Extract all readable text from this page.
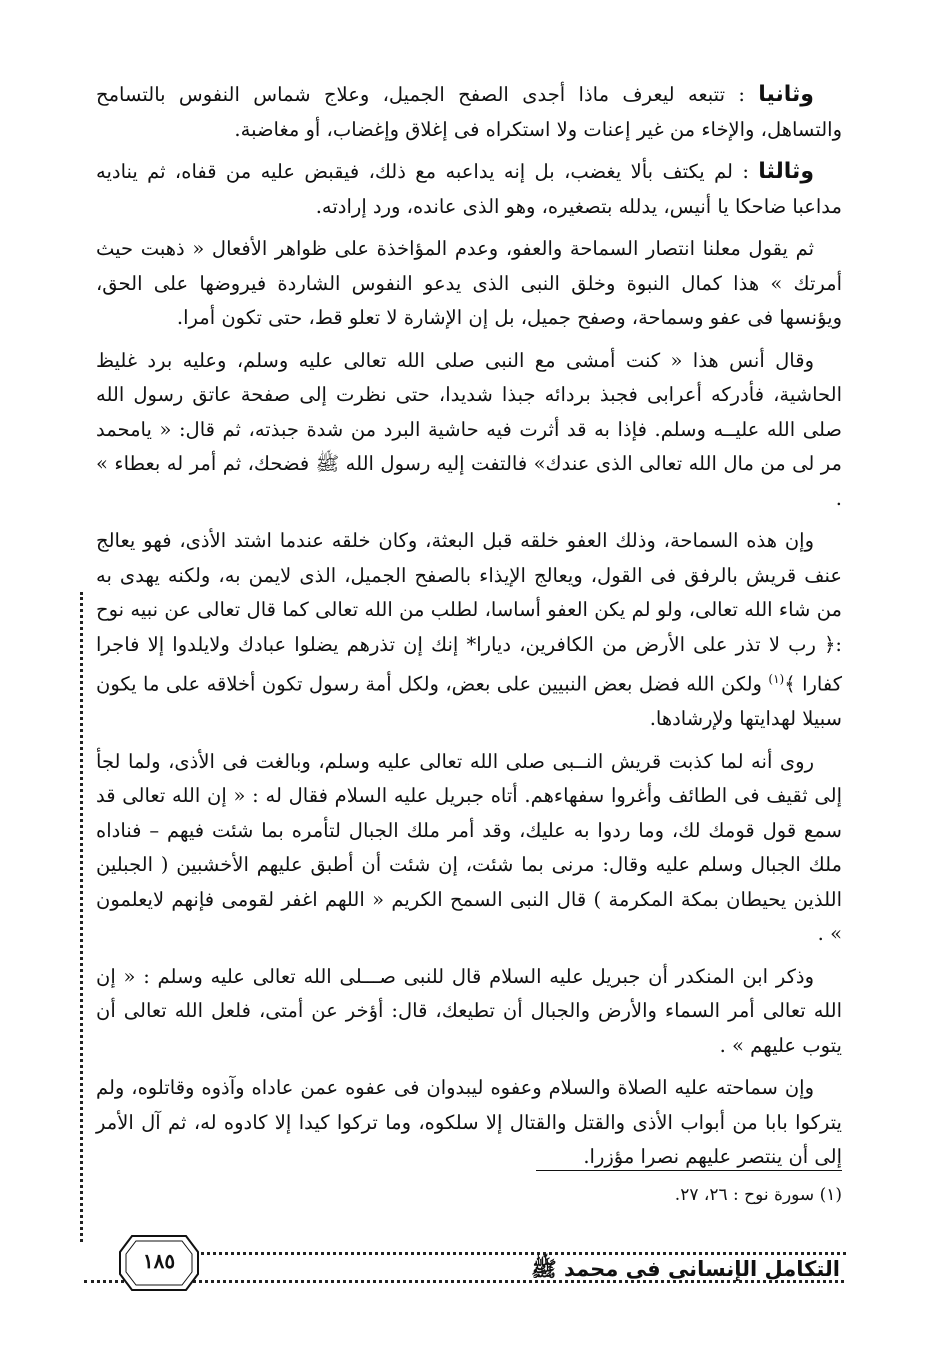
وثانيا : تتبعه ليعرف ماذا أجدى الصفح الجميل، وعلاج شماس النفوس بالتسامح والتساهل، والإخاء من غير إعنات ولا استكراه فى إغلاق وإغضاب، أو مغاضبة.

وثالثا : لم يكتف بألا يغضب، بل إنه يداعبه مع ذلك، فيقبض عليه من قفاه، ثم يناديه مداعبا ضاحكا يا أنيس، يدلله بتصغيره، وهو الذى عانده، ورد إرادته.

ثم يقول معلنا انتصار السماحة والعفو، وعدم المؤاخذة على ظواهر الأفعال « ذهبت حيث أمرتك » هذا كمال النبوة وخلق النبى الذى يدعو النفوس الشاردة فيروضها على الحق، ويؤنسها فى عفو وسماحة، وصفح جميل، بل إن الإشارة لا تعلو قط، حتى تكون أمرا.

وقال أنس هذا « كنت أمشى مع النبى صلى الله تعالى عليه وسلم، وعليه برد غليظ الحاشية، فأدركه أعرابى فجبذ بردائه جبذا شديدا، حتى نظرت إلى صفحة عاتق رسول الله صلى الله عليــه وسلم. فإذا به قد أثرت فيه حاشية البرد من شدة جبذته، ثم قال: « يامحمد مر لى من مال الله تعالى الذى عندك» فالتفت إليه رسول الله ﷺ فضحك، ثم أمر له بعطاء » .

وإن هذه السماحة، وذلك العفو خلقه قبل البعثة، وكان خلقه عندما اشتد الأذى، فهو يعالج عنف قريش بالرفق فى القول، ويعالج الإيذاء بالصفح الجميل، الذى لايمن به، ولكنه يهدى به من شاء الله تعالى، ولو لم يكن العفو أساسا، لطلب من الله تعالى كما قال تعالى عن نبيه نوح :﴿ رب لا تذر على الأرض من الكافرين، ديارا* إنك إن تذرهم يضلوا عبادك ولايلدوا إلا فاجرا كفارا ﴾$^{(١)}$ ولكن الله فضل بعض النبيين على بعض، ولكل أمة رسول تكون أخلاقه على ما يكون سبيلا لهدايتها ولإرشادها.

روى أنه لما كذبت قريش النــبى صلى الله تعالى عليه وسلم، وبالغت فى الأذى، ولما لجأ إلى ثقيف فى الطائف وأغروا سفهاءهم. أتاه جبريل عليه السلام فقال له : « إن الله تعالى قد سمع قول قومك لك، وما ردوا به عليك، وقد أمر ملك الجبال لتأمره بما شئت فيهم – فناداه ملك الجبال وسلم عليه وقال: مرنى بما شئت، إن شئت أن أطبق عليهم الأخشبين ( الجبلين اللذين يحيطان بمكة المكرمة ) قال النبى السمح الكريم « اللهم اغفر لقومى فإنهم لايعلمون » .

وذكر ابن المنكدر أن جبريل عليه السلام قال للنبى صـــلى الله تعالى عليه وسلم : « إن الله تعالى أمر السماء والأرض والجبال أن تطيعك، قال: أؤخر عن أمتى، فلعل الله تعالى أن يتوب عليهم » .

وإن سماحته عليه الصلاة والسلام وعفوه ليبدوان فى عفوه عمن عاداه وآذوه وقاتلوه، ولم يتركوا بابا من أبواب الأذى والقتل والقتال إلا سلكوه، وما تركوا كيدا إلا كادوه له، ثم آل الأمر إلى أن ينتصر عليهم نصرا مؤزرا.

(١) سورة نوح : ٢٦، ٢٧.
التكامل الإنسانى فى محمد ﷺ
١٨٥
